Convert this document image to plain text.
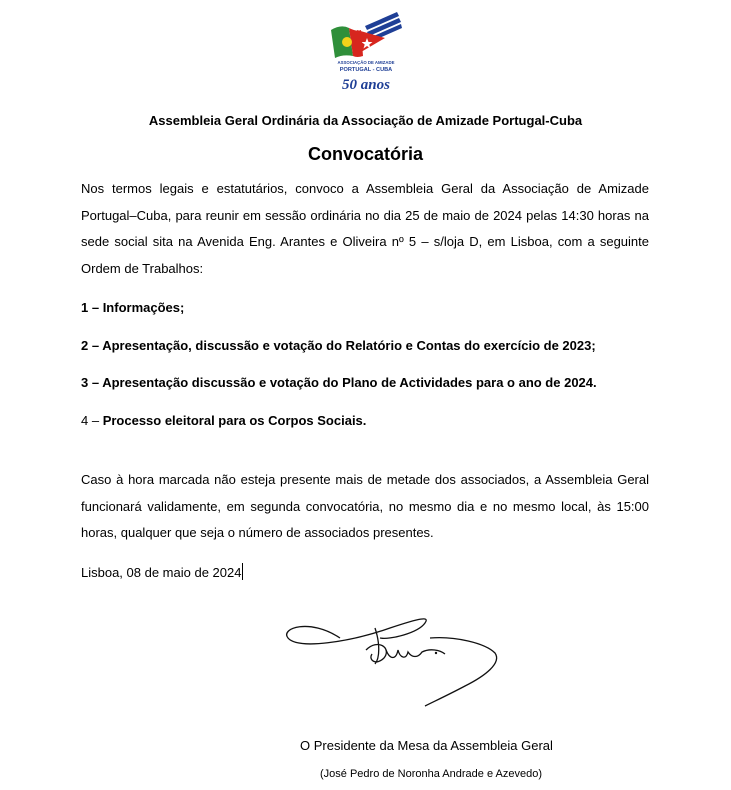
ASSOCIAÇÃO DE AMIZADE
PORTUGAL - CUBA
50 anos
Assembleia Geral Ordinária da Associação de Amizade Portugal-Cuba
Convocatória
Nos termos legais e estatutários, convoco a Assembleia Geral da Associação de Amizade Portugal–Cuba, para reunir em sessão ordinária no dia 25 de maio de 2024 pelas 14:30 horas na sede social sita na Avenida Eng. Arantes e Oliveira nº 5 – s/loja D, em Lisboa, com a seguinte Ordem de Trabalhos:
1 – Informações;
2 – Apresentação, discussão e votação do Relatório e Contas do exercício de 2023;
3 – Apresentação discussão e votação do Plano de Actividades para o ano de 2024.
4 – Processo eleitoral para os Corpos Sociais.
Caso à hora marcada não esteja presente mais de metade dos associados, a Assembleia Geral funcionará validamente, em segunda convocatória, no mesmo dia e no mesmo local, às 15:00 horas, qualquer que seja o número de associados presentes.
Lisboa, 08 de maio de 2024
O Presidente da Mesa da Assembleia Geral
(José Pedro de Noronha Andrade e Azevedo)
